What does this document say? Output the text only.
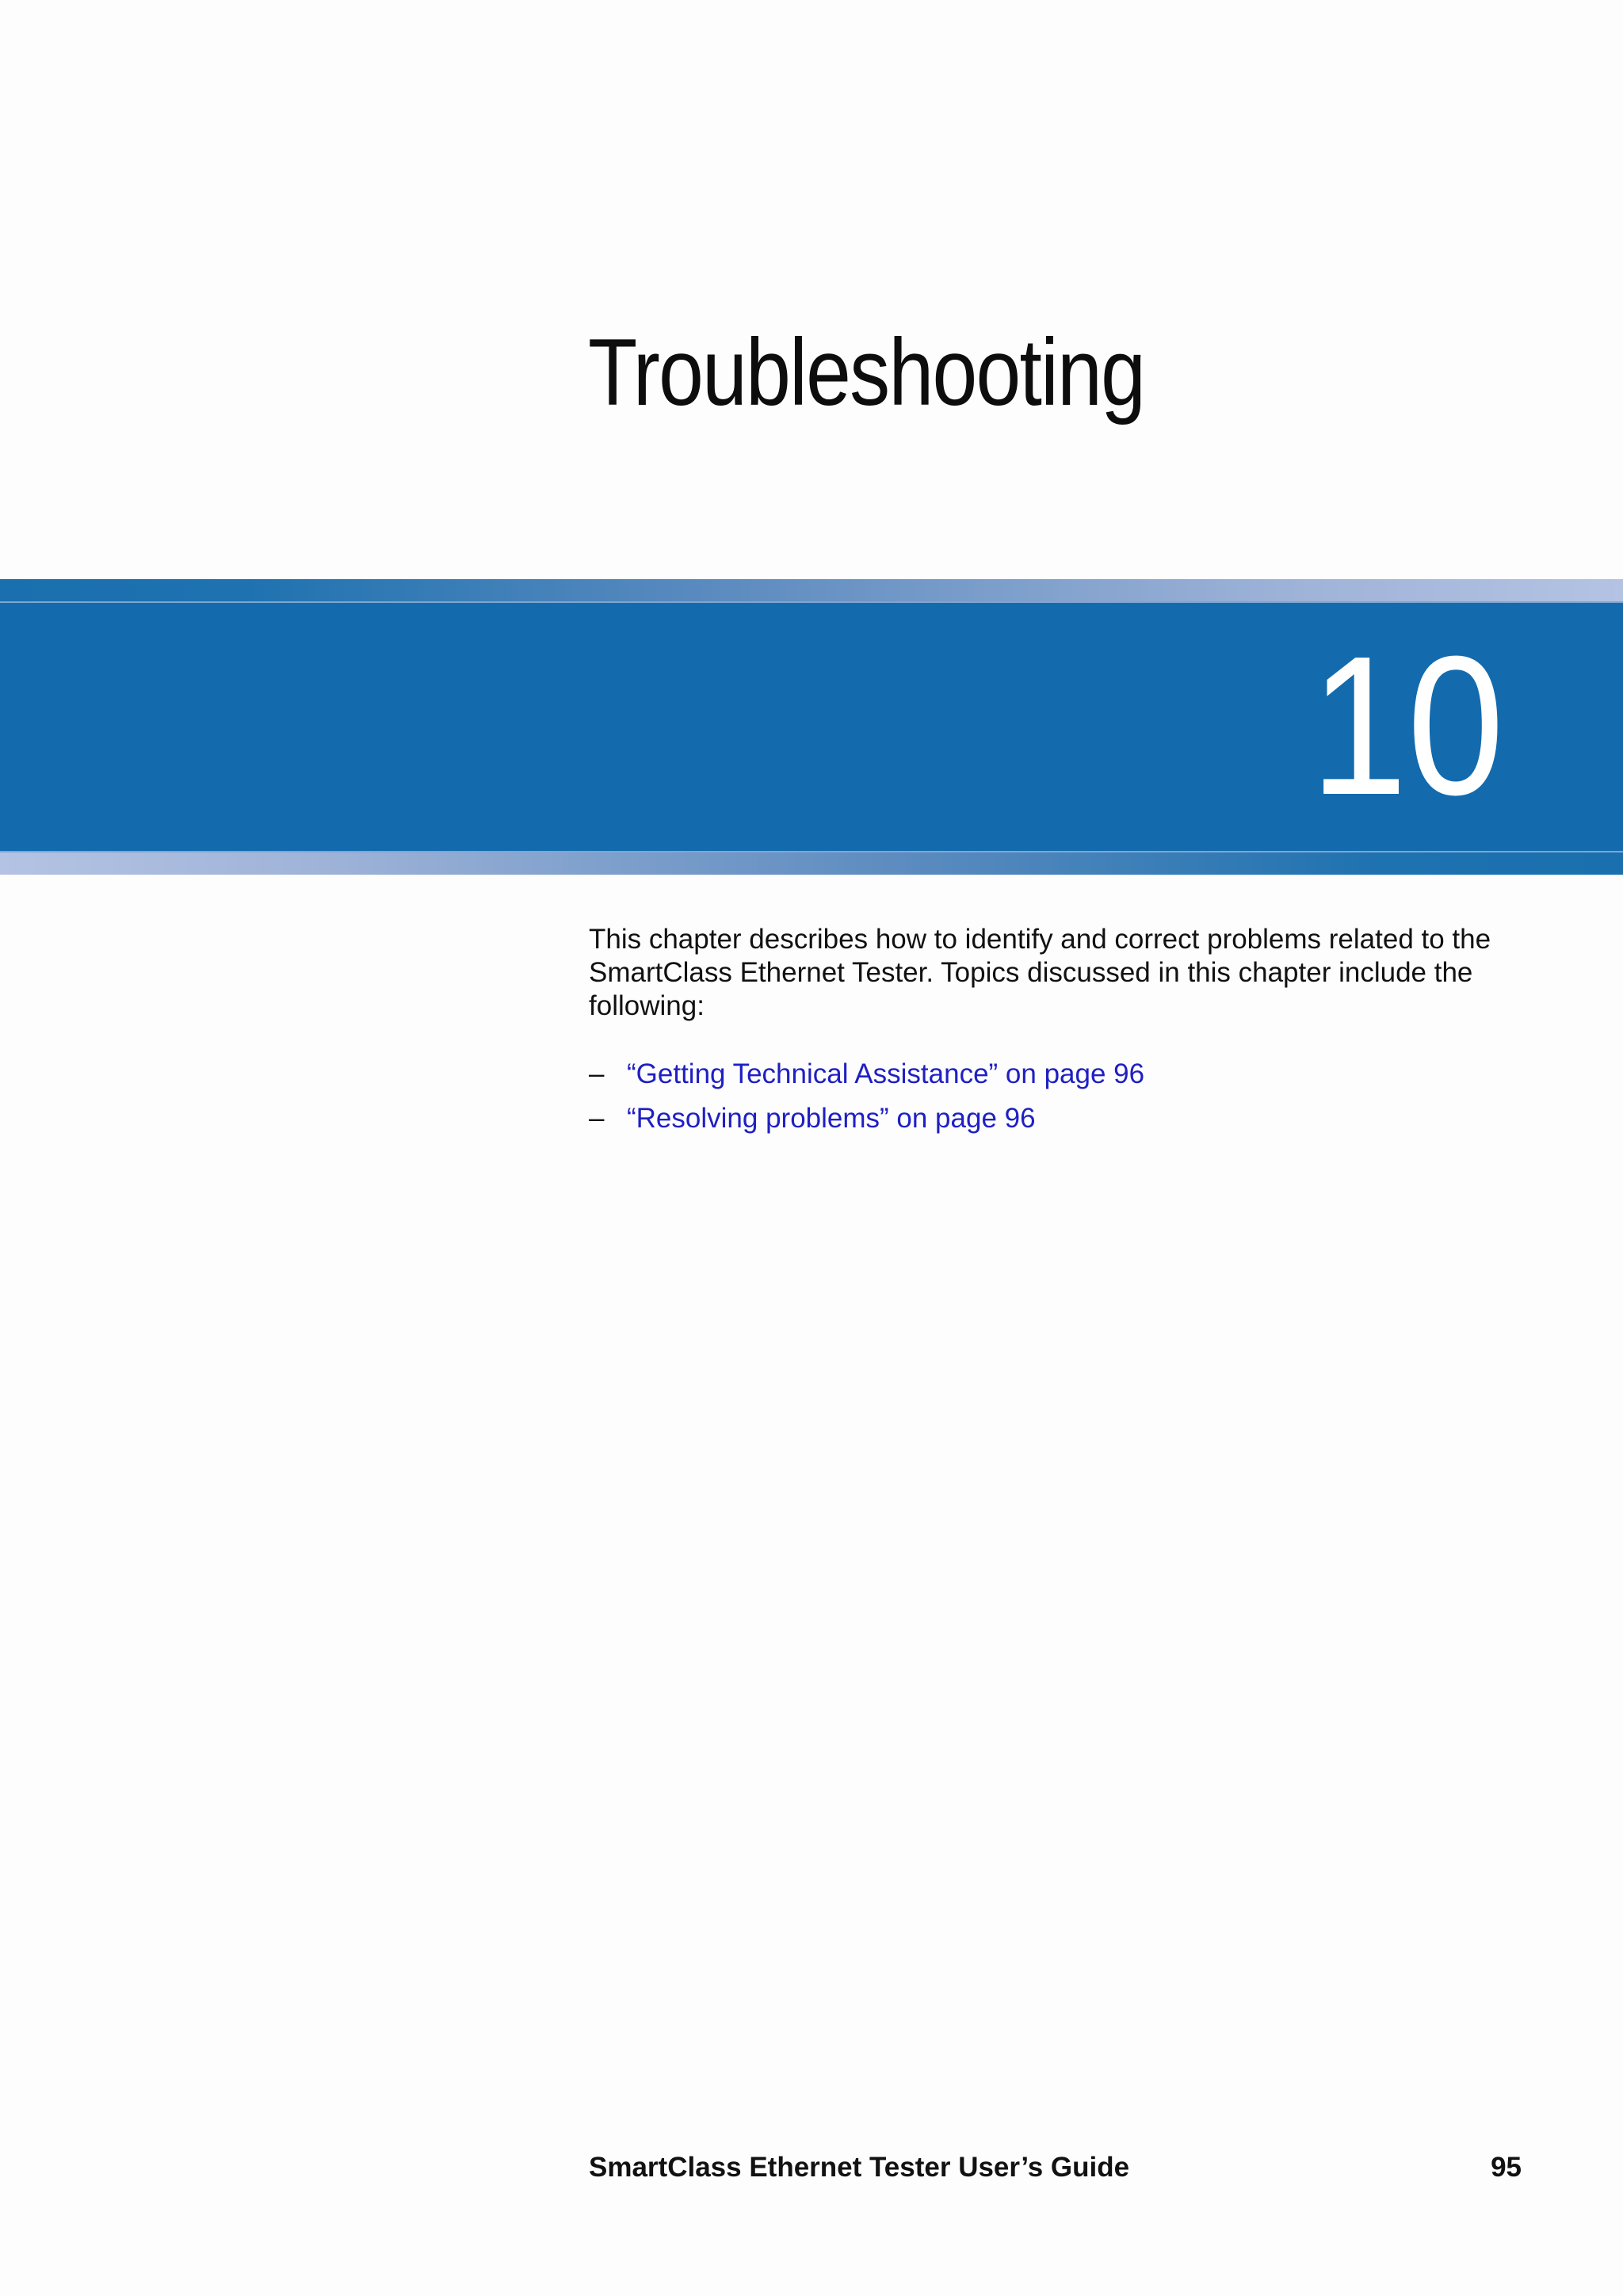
Troubleshooting
10

This chapter describes how to identify and correct problems related to the SmartClass Ethernet Tester. Topics discussed in this chapter include the following:

– “Getting Technical Assistance” on page 96
– “Resolving problems” on page 96
SmartClass Ethernet Tester User’s Guide	95
